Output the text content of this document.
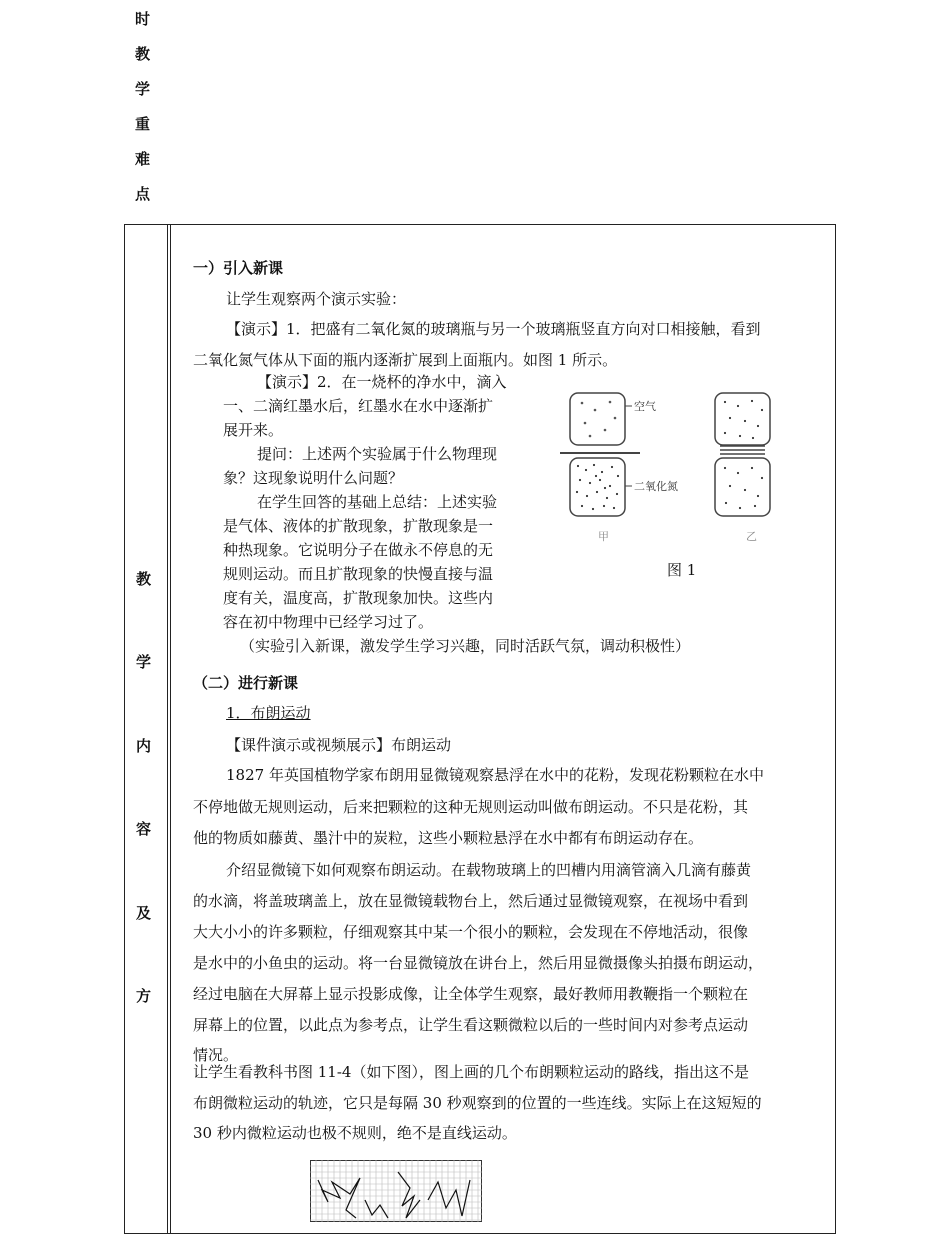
时
教
学
重
难
点
教
学
内
容
及
方
一）引入新课
让学生观察两个演示实验：
【演示】1．把盛有二氧化氮的玻璃瓶与另一个玻璃瓶竖直方向对口相接触，看到
二氧化氮气体从下面的瓶内逐渐扩展到上面瓶内。如图 1 所示。
【演示】2．在一烧杯的净水中，滴入
一、二滴红墨水后，红墨水在水中逐渐扩
展开来。
提问：上述两个实验属于什么物理现
象？这现象说明什么问题？
在学生回答的基础上总结：上述实验
是气体、液体的扩散现象，扩散现象是一
种热现象。它说明分子在做永不停息的无
规则运动。而且扩散现象的快慢直接与温
度有关，温度高，扩散现象加快。这些内
容在初中物理中已经学习过了。
（实验引入新课，激发学生学习兴趣，同时活跃气氛，调动积极性）
空气
二氧化氮
甲	乙
图 1
（二）进行新课
1．布朗运动
【课件演示或视频展示】布朗运动
1827 年英国植物学家布朗用显微镜观察悬浮在水中的花粉，发现花粉颗粒在水中
不停地做无规则运动，后来把颗粒的这种无规则运动叫做布朗运动。不只是花粉，其
他的物质如藤黄、墨汁中的炭粒，这些小颗粒悬浮在水中都有布朗运动存在。
介绍显微镜下如何观察布朗运动。在载物玻璃上的凹槽内用滴管滴入几滴有藤黄
的水滴，将盖玻璃盖上，放在显微镜载物台上，然后通过显微镜观察，在视场中看到
大大小小的许多颗粒，仔细观察其中某一个很小的颗粒，会发现在不停地活动，很像
是水中的小鱼虫的运动。将一台显微镜放在讲台上，然后用显微摄像头拍摄布朗运动，
经过电脑在大屏幕上显示投影成像，让全体学生观察，最好教师用教鞭指一个颗粒在
屏幕上的位置，以此点为参考点，让学生看这颗微粒以后的一些时间内对参考点运动
情况。
让学生看教科书图 11-4（如下图），图上画的几个布朗颗粒运动的路线，指出这不是
布朗微粒运动的轨迹，它只是每隔 30 秒观察到的位置的一些连线。实际上在这短短的
30 秒内微粒运动也极不规则，绝不是直线运动。
